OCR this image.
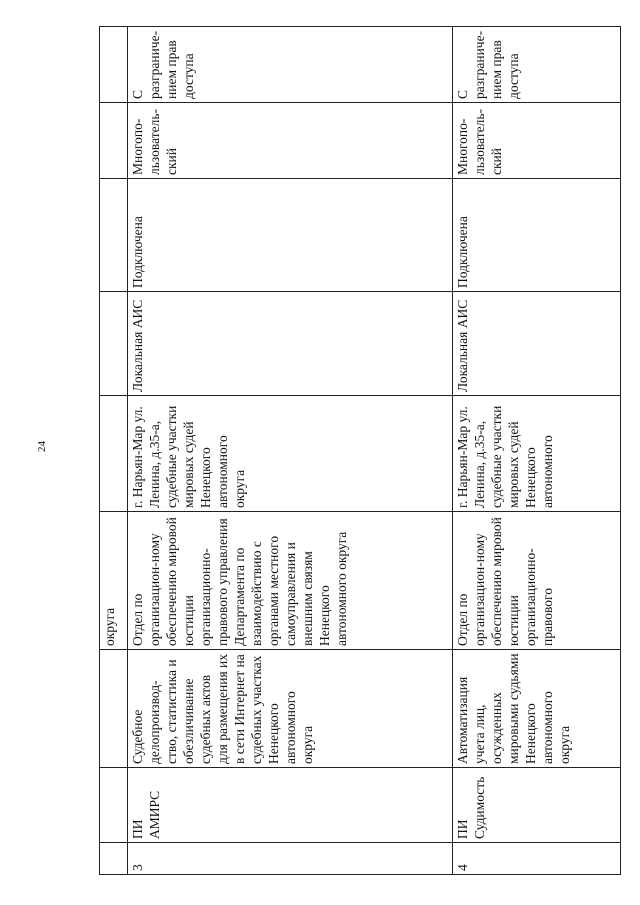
24
			округа					
3	ПИ АМИРС	Судебное делопроизвод-ство, статистика и обезличивание судебных актов для размещения их в сети Интернет на судебных участках Ненецкого автономного округа	Отдел по организацион-ному обеспечению мировой юстиции организационно-правового управления Департамента по взаимодействию с органами местного самоуправления и внешним связям Ненецкого автономного округа	г. Нарьян-Мар ул. Ленина, д.35-а, судебные участки мировых судей Ненецкого автономного округа	Локальная АИС	Подключена	Многопо-льзователь-ский	С разграниче-нием прав доступа
4	ПИ Судимость	Автоматизация учета лиц, осужденных мировыми судьями Ненецкого автономного округа	Отдел по организацион-ному обеспечению мировой юстиции организационно-правового	г. Нарьян-Мар ул. Ленина, д.35-а, судебные участки мировых судей Ненецкого автономного	Локальная АИС	Подключена	Многопо-льзователь-ский	С разграниче-нием прав доступа
